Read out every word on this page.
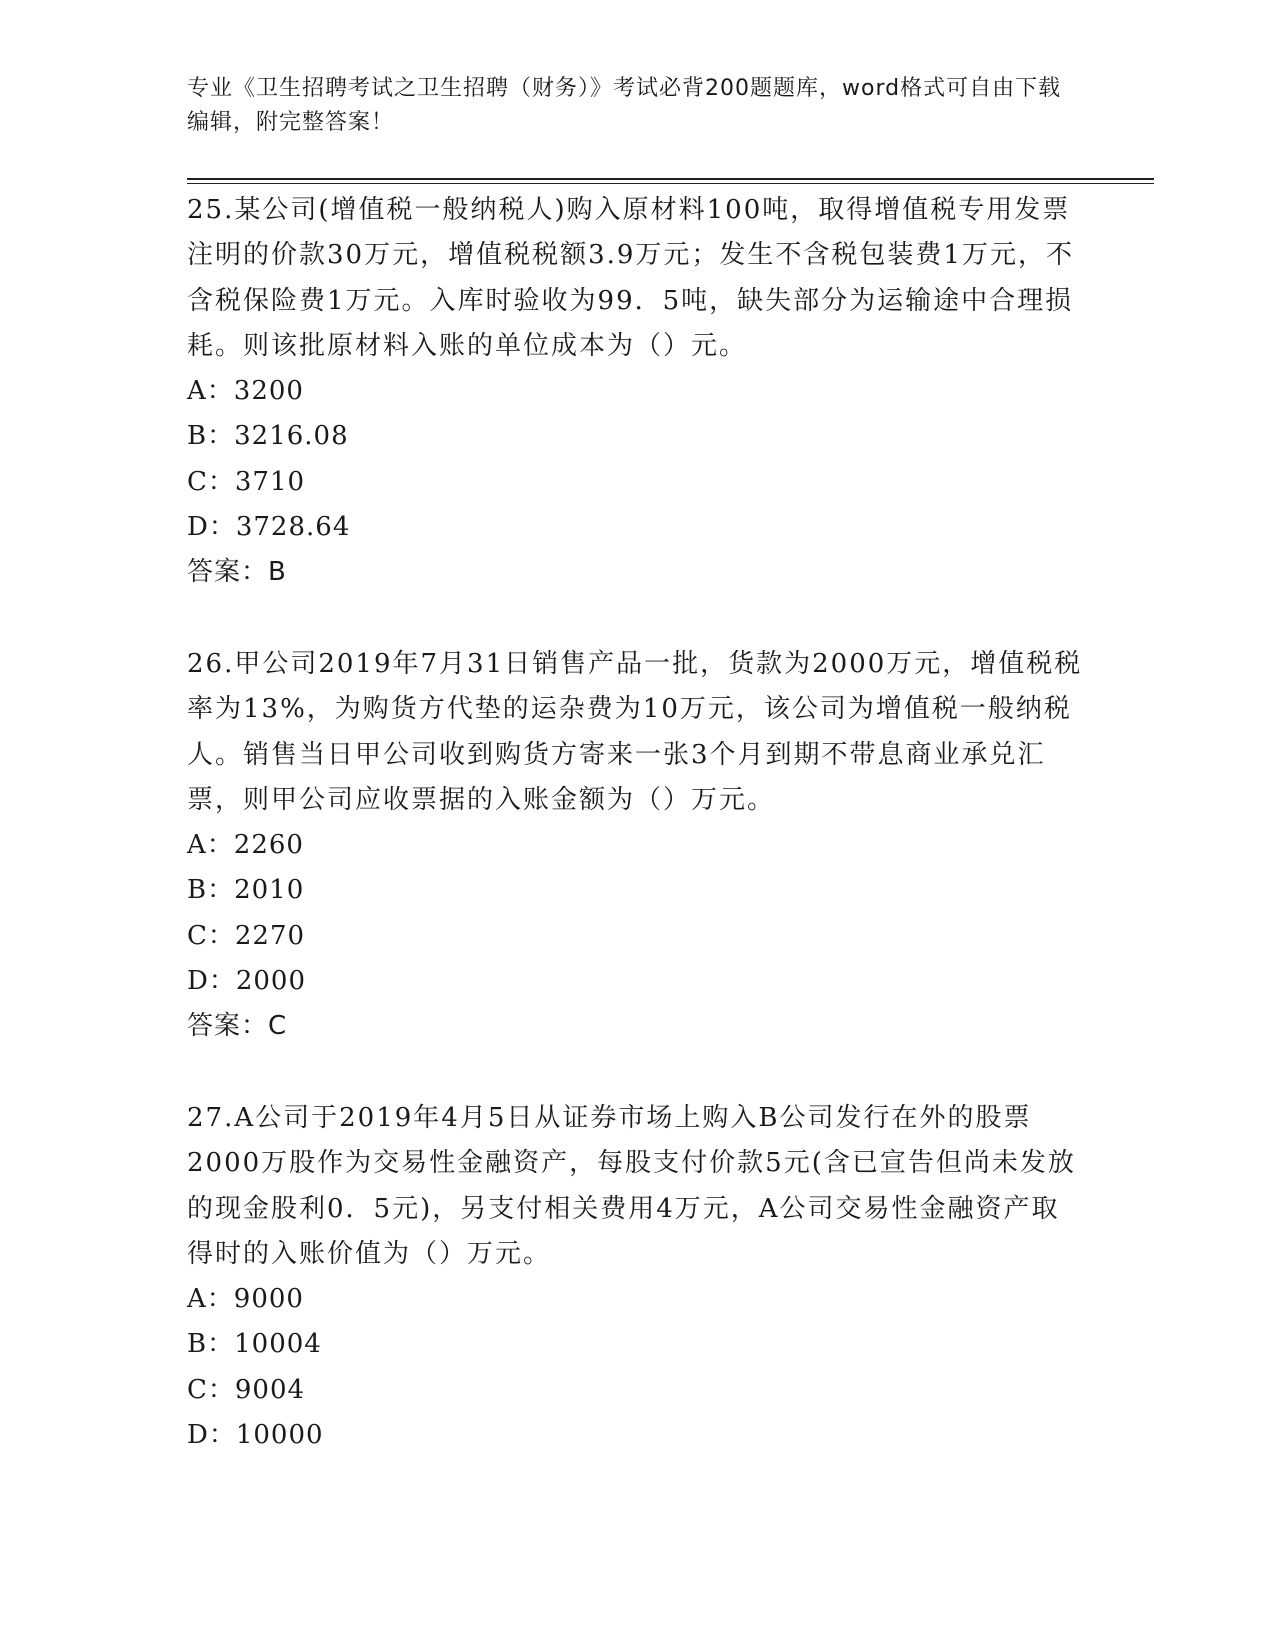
专业《卫生招聘考试之卫生招聘（财务）》考试必背200题题库，word格式可自由下载编辑，附完整答案！

25.某公司(增值税一般纳税人)购入原材料100吨，取得增值税专用发票注明的价款30万元，增值税税额3.9万元；发生不含税包装费1万元，不含税保险费1万元。入库时验收为99．5吨，缺失部分为运输途中合理损耗。则该批原材料入账的单位成本为（）元。

A：3200

B：3216.08

C：3710

D：3728.64

答案：B

26.甲公司2019年7月31日销售产品一批，货款为2000万元，增值税税率为13%，为购货方代垫的运杂费为10万元，该公司为增值税一般纳税人。销售当日甲公司收到购货方寄来一张3个月到期不带息商业承兑汇票，则甲公司应收票据的入账金额为（）万元。

A：2260

B：2010

C：2270

D：2000

答案：C

27.A公司于2019年4月5日从证券市场上购入B公司发行在外的股票2000万股作为交易性金融资产，每股支付价款5元(含已宣告但尚未发放的现金股利0．5元)，另支付相关费用4万元，A公司交易性金融资产取得时的入账价值为（）万元。

A：9000

B：10004

C：9004

D：10000
